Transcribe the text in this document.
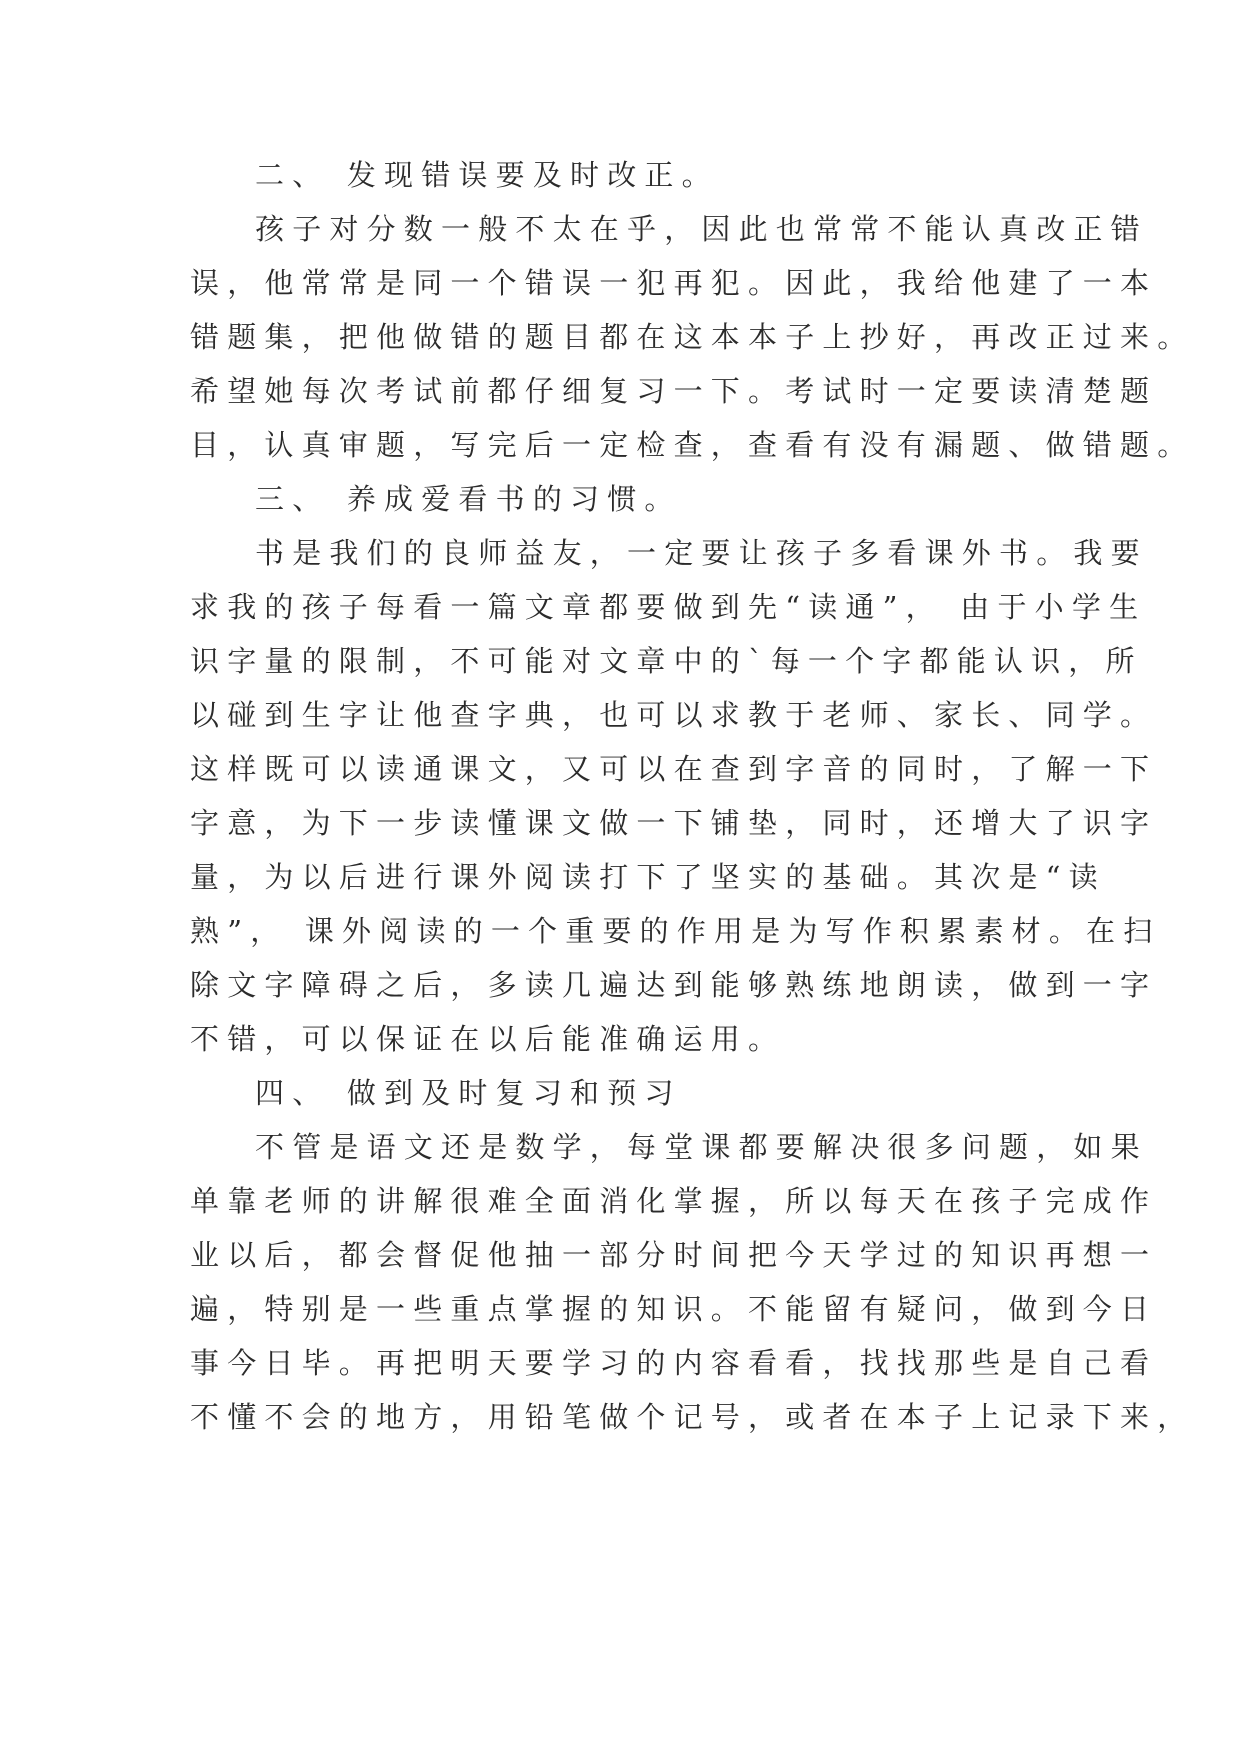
二、 发现错误要及时改正。
孩子对分数一般不太在乎，因此也常常不能认真改正错
误，他常常是同一个错误一犯再犯。因此，我给他建了一本
错题集，把他做错的题目都在这本本子上抄好，再改正过来。
希望她每次考试前都仔细复习一下。考试时一定要读清楚题
目，认真审题，写完后一定检查，查看有没有漏题、做错题。
三、 养成爱看书的习惯。
书是我们的良师益友，一定要让孩子多看课外书。我要
求我的孩子每看一篇文章都要做到先“读通”， 由于小学生
识字量的限制，不可能对文章中的`每一个字都能认识，所
以碰到生字让他查字典，也可以求教于老师、家长、同学。
这样既可以读通课文，又可以在查到字音的同时，了解一下
字意，为下一步读懂课文做一下铺垫，同时，还增大了识字
量，为以后进行课外阅读打下了坚实的基础。其次是“读
熟”， 课外阅读的一个重要的作用是为写作积累素材。在扫
除文字障碍之后，多读几遍达到能够熟练地朗读，做到一字
不错，可以保证在以后能准确运用。
四、 做到及时复习和预习
不管是语文还是数学，每堂课都要解决很多问题，如果
单靠老师的讲解很难全面消化掌握，所以每天在孩子完成作
业以后，都会督促他抽一部分时间把今天学过的知识再想一
遍，特别是一些重点掌握的知识。不能留有疑问，做到今日
事今日毕。再把明天要学习的内容看看，找找那些是自己看
不懂不会的地方，用铅笔做个记号，或者在本子上记录下来，
